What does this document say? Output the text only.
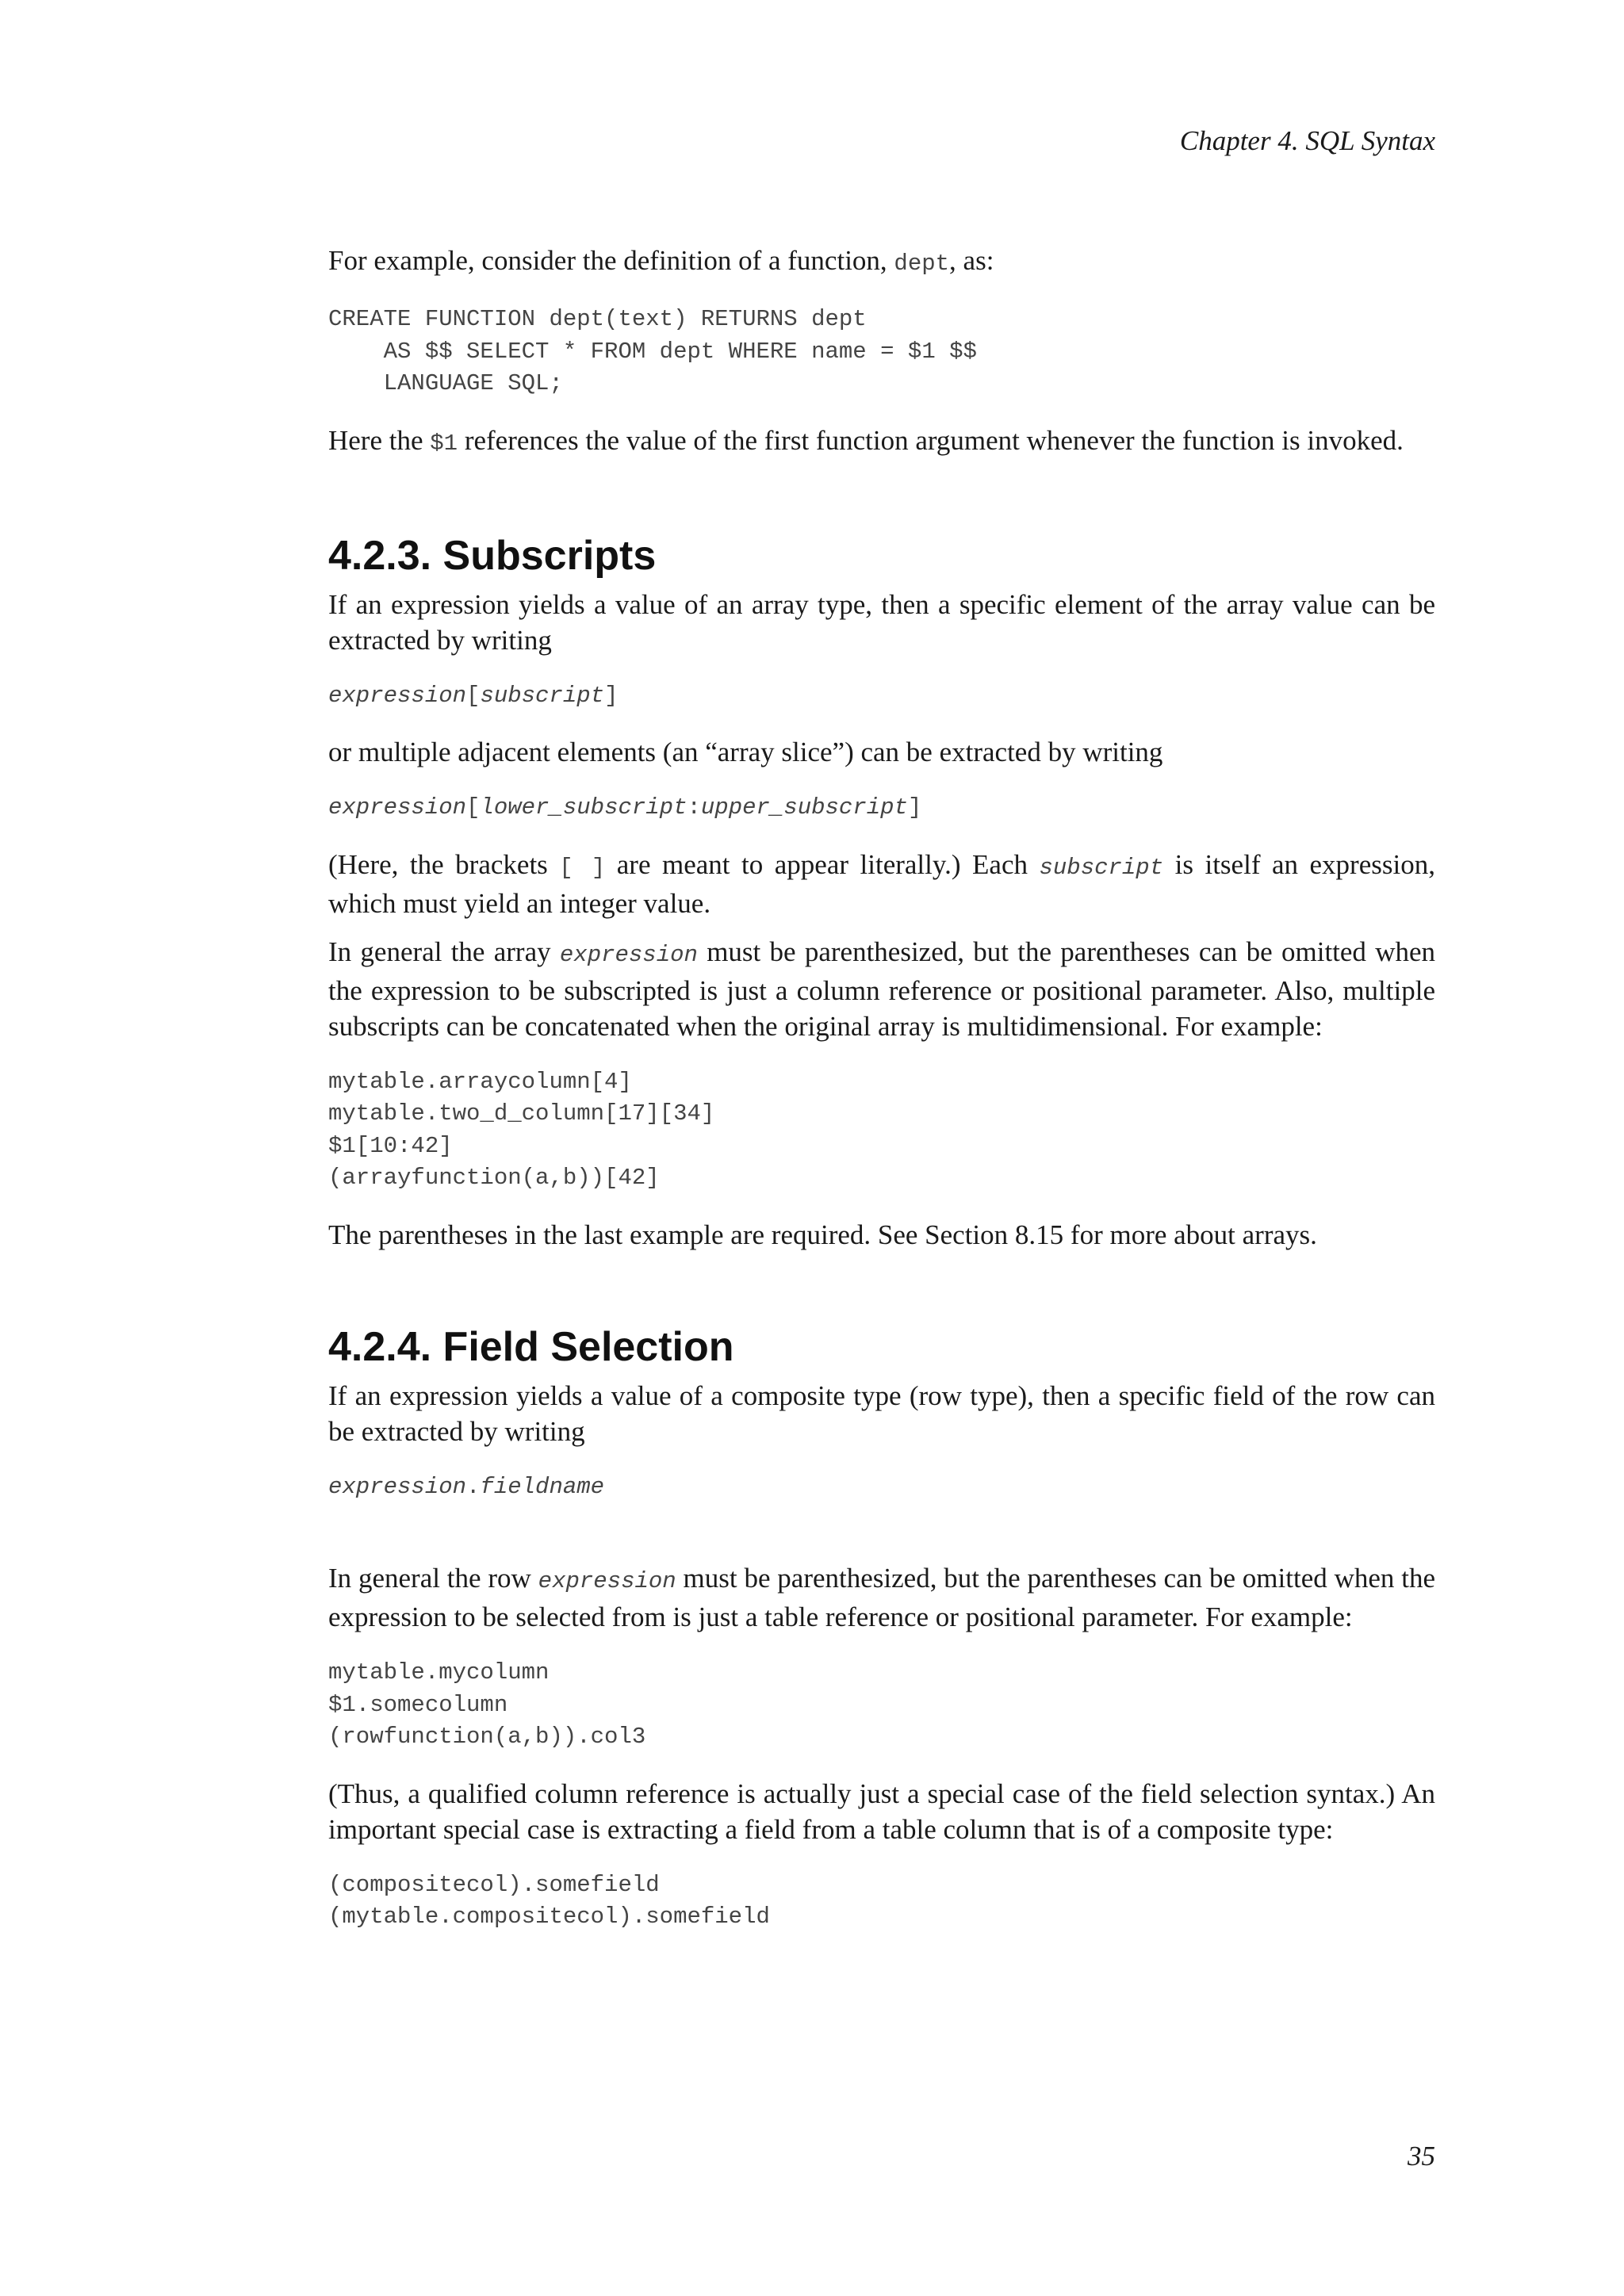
Chapter 4. SQL Syntax

For example, consider the definition of a function, dept, as:

CREATE FUNCTION dept(text) RETURNS dept
AS $$ SELECT * FROM dept WHERE name = $1 $$
LANGUAGE SQL;

Here the $1 references the value of the first function argument whenever the function is invoked.

4.2.3. Subscripts

If an expression yields a value of an array type, then a specific element of the array value can be extracted by writing

expression[subscript]

or multiple adjacent elements (an “array slice”) can be extracted by writing

expression[lower_subscript:upper_subscript]

(Here, the brackets [ ] are meant to appear literally.) Each subscript is itself an expression, which must yield an integer value.

In general the array expression must be parenthesized, but the parentheses can be omitted when the expression to be subscripted is just a column reference or positional parameter. Also, multiple subscripts can be concatenated when the original array is multidimensional. For example:

mytable.arraycolumn[4]
mytable.two_d_column[17][34]
$1[10:42]
(arrayfunction(a,b))[42]

The parentheses in the last example are required. See Section 8.15 for more about arrays.

4.2.4. Field Selection

If an expression yields a value of a composite type (row type), then a specific field of the row can be extracted by writing

expression.fieldname

In general the row expression must be parenthesized, but the parentheses can be omitted when the expression to be selected from is just a table reference or positional parameter. For example:

mytable.mycolumn
$1.somecolumn
(rowfunction(a,b)).col3

(Thus, a qualified column reference is actually just a special case of the field selection syntax.) An important special case is extracting a field from a table column that is of a composite type:

(compositecol).somefield
(mytable.compositecol).somefield
35
